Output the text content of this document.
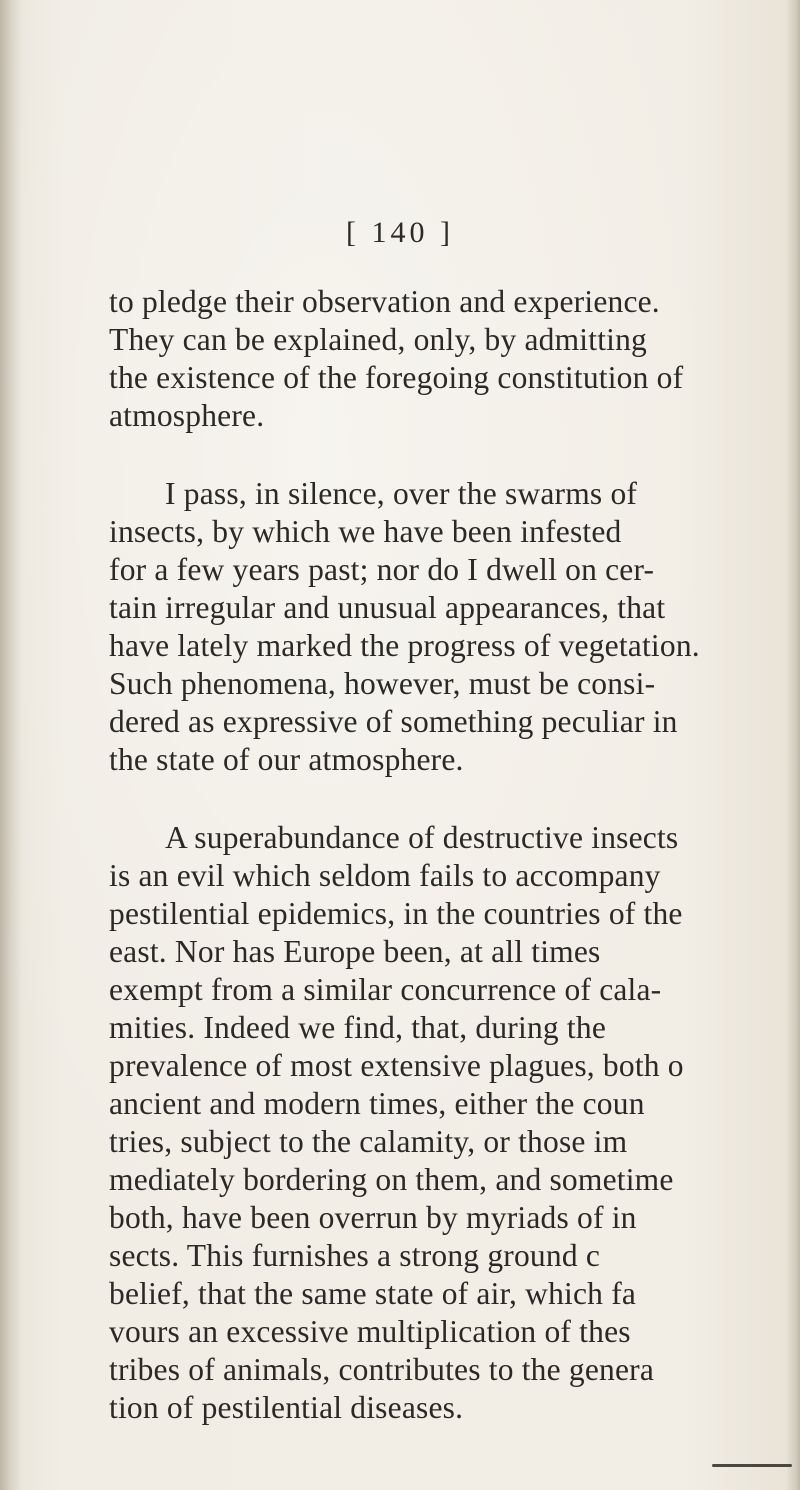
[ 140 ]
to pledge their observation and experience.
They can be explained, only, by admitting
the existence of the foregoing constitution of
atmosphere.
I pass, in silence, over the swarms of
insects, by which we have been infested
for a few years past; nor do I dwell on cer-
tain irregular and unusual appearances, that
have lately marked the progress of vegetation.
Such phenomena, however, must be consi-
dered as expressive of something peculiar in
the state of our atmosphere.
A superabundance of destructive insects
is an evil which seldom fails to accompany
pestilential epidemics, in the countries of the
east. Nor has Europe been, at all times
exempt from a similar concurrence of cala-
mities. Indeed we find, that, during the
prevalence of most extensive plagues, both o
ancient and modern times, either the coun
tries, subject to the calamity, or those im
mediately bordering on them, and sometime
both, have been overrun by myriads of in
sects. This furnishes a strong ground c
belief, that the same state of air, which fa
vours an excessive multiplication of thes
tribes of animals, contributes to the genera
tion of pestilential diseases.
